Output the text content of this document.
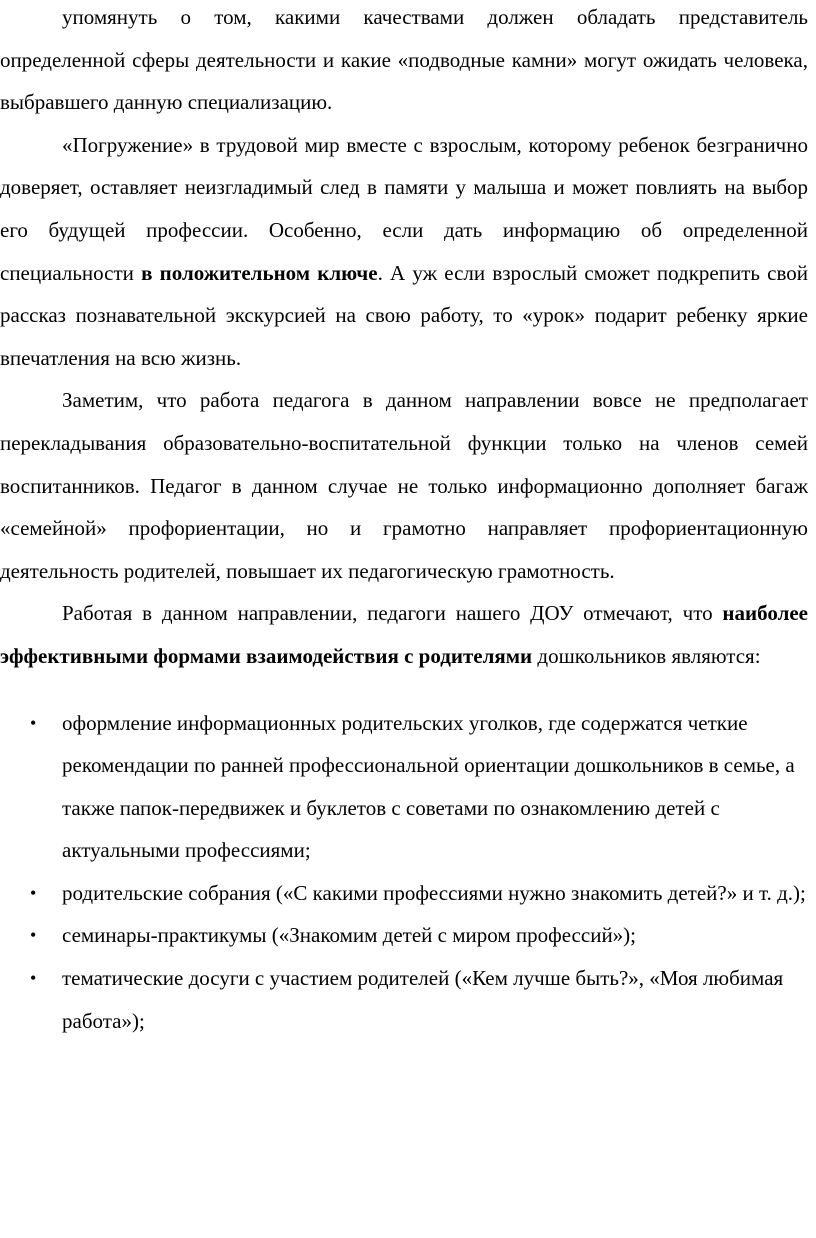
упомянуть о том, какими качествами должен обладать представитель определенной сферы деятельности и какие «подводные камни» могут ожидать человека, выбравшего данную специализацию.

«Погружение» в трудовой мир вместе с взрослым, которому ребенок безгранично доверяет, оставляет неизгладимый след в памяти у малыша и может повлиять на выбор его будущей профессии. Особенно, если дать информацию об определенной специальности в положительном ключе. А уж если взрослый сможет подкрепить свой рассказ познавательной экскурсией на свою работу, то «урок» подарит ребенку яркие впечатления на всю жизнь.

Заметим, что работа педагога в данном направлении вовсе не предполагает перекладывания образовательно-воспитательной функции только на членов семей воспитанников. Педагог в данном случае не только информационно дополняет багаж «семейной» профориентации, но и грамотно направляет профориентационную деятельность родителей, повышает их педагогическую грамотность.

Работая в данном направлении, педагоги нашего ДОУ отмечают, что наиболее эффективными формами взаимодействия с родителями дошкольников являются:

• оформление информационных родительских уголков, где содержатся четкие рекомендации по ранней профессиональной ориентации дошкольников в семье, а также папок-передвижек и буклетов с советами по ознакомлению детей с актуальными профессиями;
• родительские собрания («С какими профессиями нужно знакомить детей?» и т. д.);
• семинары-практикумы («Знакомим детей с миром профессий»);
• тематические досуги с участием родителей («Кем лучше быть?», «Моя любимая работа»);
